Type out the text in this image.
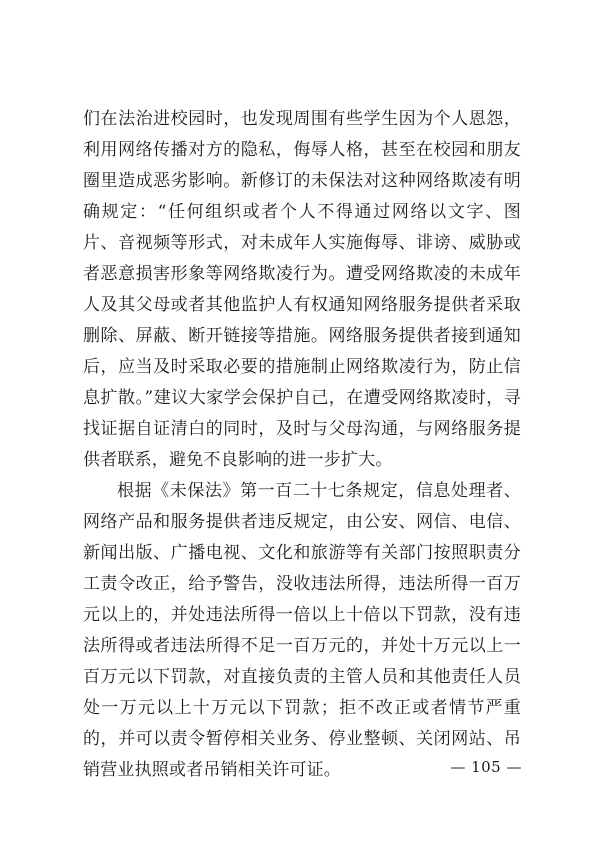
们在法治进校园时，也发现周围有些学生因为个人恩怨，利用网络传播对方的隐私，侮辱人格，甚至在校园和朋友圈里造成恶劣影响。新修订的未保法对这种网络欺凌有明确规定：“任何组织或者个人不得通过网络以文字、图片、音视频等形式，对未成年人实施侮辱、诽谤、威胁或者恶意损害形象等网络欺凌行为。遭受网络欺凌的未成年人及其父母或者其他监护人有权通知网络服务提供者采取删除、屏蔽、断开链接等措施。网络服务提供者接到通知后，应当及时采取必要的措施制止网络欺凌行为，防止信息扩散。”建议大家学会保护自己，在遭受网络欺凌时，寻找证据自证清白的同时，及时与父母沟通，与网络服务提供者联系，避免不良影响的进一步扩大。

根据《未保法》第一百二十七条规定，信息处理者、网络产品和服务提供者违反规定，由公安、网信、电信、新闻出版、广播电视、文化和旅游等有关部门按照职责分工责令改正，给予警告，没收违法所得，违法所得一百万元以上的，并处违法所得一倍以上十倍以下罚款，没有违法所得或者违法所得不足一百万元的，并处十万元以上一百万元以下罚款，对直接负责的主管人员和其他责任人员处一万元以上十万元以下罚款；拒不改正或者情节严重的，并可以责令暂停相关业务、停业整顿、关闭网站、吊销营业执照或者吊销相关许可证。	— 105 —
